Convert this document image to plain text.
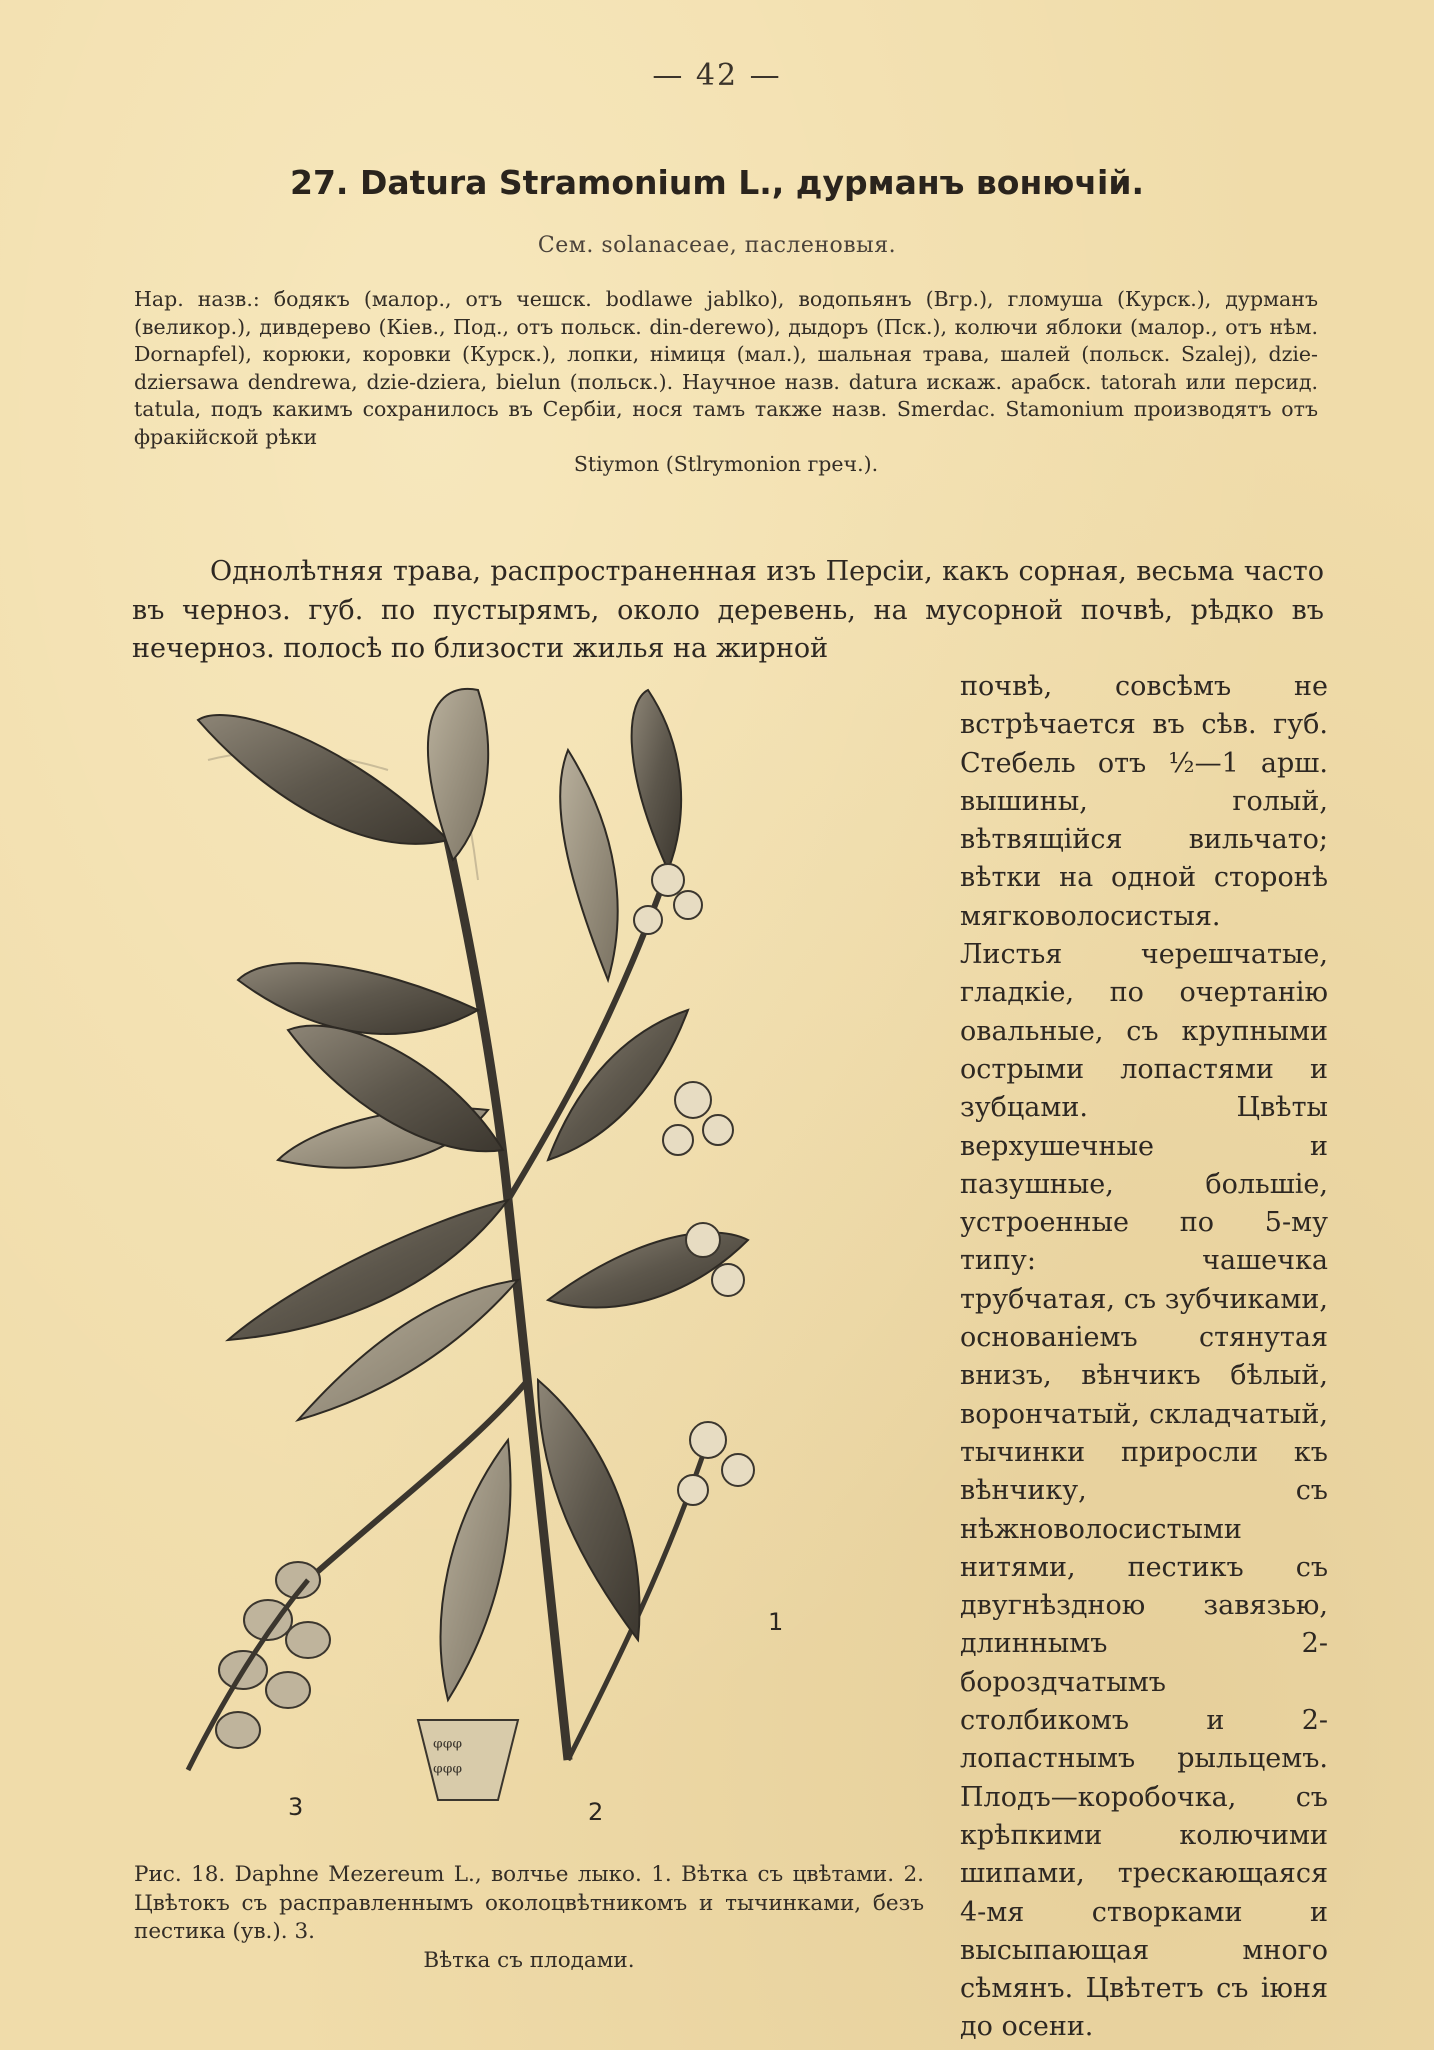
— 42 —
27. Datura Stramonium L., дурманъ вонючій.
Сем. solanaceae, пасленовыя.
Нар. назв.: бодякъ (малор., отъ чешск. bodlawe jablko), водопьянъ (Вгр.), гломуша (Курск.), дурманъ (великор.), дивдерево (Кіев., Под., отъ польск. din-derewo), дыдоръ (Пск.), колючи яблоки (малор., отъ нѣм. Dornapfel), корюки, коровки (Курск.), лопки, німиця (мал.), шальная трава, шалей (польск. Szalej), dzie-dziersawa dendrewa, dzie-dziera, bielun (польск.). Научное назв. datura искаж. арабск. tatorah или персид. tatula, подъ какимъ сохранилось въ Сербіи, нося тамъ также назв. Smerdac. Stamonium производятъ отъ фракійской рѣки
Stiymon (Stlrymonion греч.).
Однолѣтняя трава, распространенная изъ Персіи, какъ сорная, весьма часто въ черноз. губ. по пустырямъ, около деревень, на мусорной почвѣ, рѣдко въ нечерноз. полосѣ по близости жилья на жирной
почвѣ, совсѣмъ не встрѣчается въ сѣв. губ. Стебель отъ ½—1 арш. вышины, голый, вѣтвящійся вильчато; вѣтки на одной сторонѣ мягковолосистыя. Листья черешчатые, гладкіе, по очертанію овальные, съ крупными острыми лопастями и зубцами. Цвѣты верхушечные и пазушные, большіе, устроенные по 5-му типу: чашечка трубчатая, съ зубчиками, основаніемъ стянутая внизъ, вѣнчикъ бѣлый, ворончатый, складчатый, тычинки приросли къ вѣнчику, съ нѣжноволосистыми нитями, пестикъ съ двугнѣздною завязью, длиннымъ 2-бороздчатымъ столбикомъ и 2-лопастнымъ рыльцемъ. Плодъ—коробочка, съ крѣпкими колючими шипами, трескающаяся 4-мя створками и высыпающая много сѣмянъ. Цвѣтетъ съ іюня до осени.
ᵠᵠᵠ
ᵠᵠᵠ
1
2
3
Рис. 18. Daphne Mezereum L., волчье лыко. 1. Вѣтка съ цвѣтами. 2. Цвѣтокъ съ расправленнымъ околоцвѣтникомъ и тычинками, безъ пестика (ув.). 3.
Вѣтка съ плодами.
